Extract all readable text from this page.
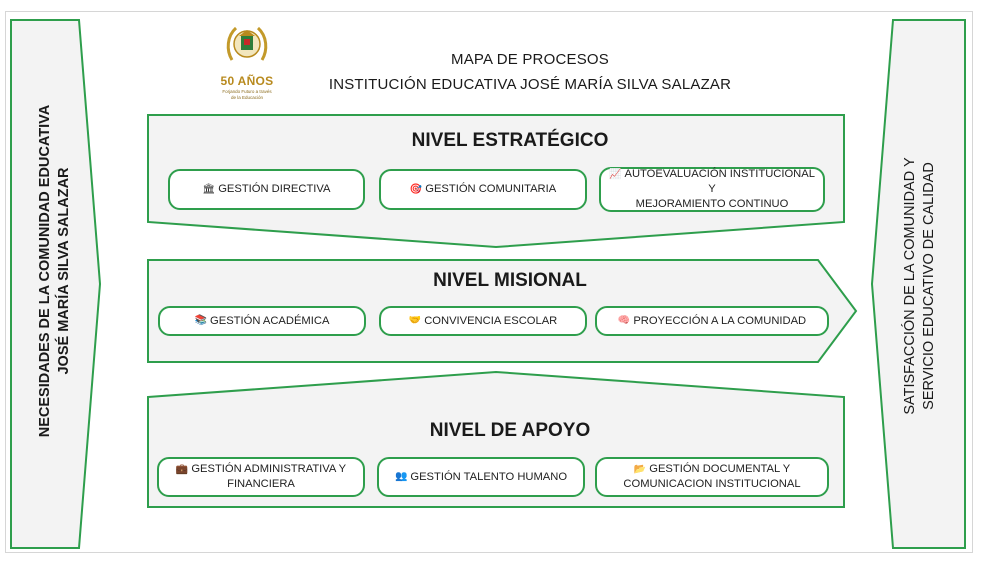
50 AÑOS
Forjando Futuro a través
de la Educación
MAPA DE PROCESOS
INSTITUCIÓN EDUCATIVA JOSÉ MARÍA SILVA SALAZAR
NECESIDADES DE LA COMUNIDAD EDUCATIVA JOSÉ MARÍA SILVA SALAZAR	SATISFACCIÓN DE LA COMUNIDAD Y SERVICIO EDUCATIVO DE CALIDAD
NIVEL ESTRATÉGICO
🏛 GESTIÓN DIRECTIVA	🎯 GESTIÓN COMUNITARIA
📈 AUTOEVALUACIÓN INSTITUCIONAL Y
MEJORAMIENTO CONTINUO
NIVEL MISIONAL
📚 GESTIÓN ACADÉMICA	🤝 CONVIVENCIA ESCOLAR	🧠 PROYECCIÓN A LA COMUNIDAD
NIVEL DE APOYO
💼 GESTIÓN ADMINISTRATIVA Y
FINANCIERA
👥 GESTIÓN TALENTO HUMANO
📂 GESTIÓN DOCUMENTAL Y
COMUNICACION INSTITUCIONAL
